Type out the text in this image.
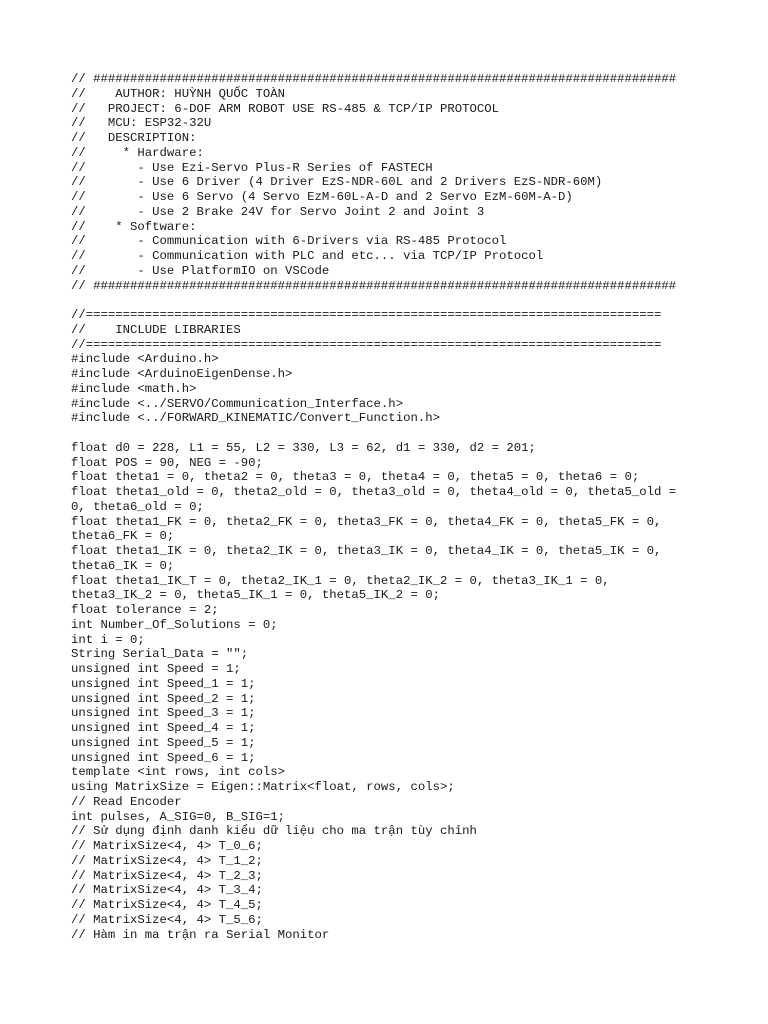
// ###############################################################################
//    AUTHOR: HUỲNH QUỐC TOÀN
//   PROJECT: 6-DOF ARM ROBOT USE RS-485 & TCP/IP PROTOCOL
//   MCU: ESP32-32U
//   DESCRIPTION:
//     * Hardware:
//       - Use Ezi-Servo Plus-R Series of FASTECH
//       - Use 6 Driver (4 Driver EzS-NDR-60L and 2 Drivers EzS-NDR-60M)
//       - Use 6 Servo (4 Servo EzM-60L-A-D and 2 Servo EzM-60M-A-D)
//       - Use 2 Brake 24V for Servo Joint 2 and Joint 3
//    * Software:
//       - Communication with 6-Drivers via RS-485 Protocol
//       - Communication with PLC and etc... via TCP/IP Protocol
//       - Use PlatformIO on VSCode
// ###############################################################################
//==============================================================================
//    INCLUDE LIBRARIES
//==============================================================================
#include <Arduino.h>
#include <ArduinoEigenDense.h>
#include <math.h>
#include <../SERVO/Communication_Interface.h>
#include <../FORWARD_KINEMATIC/Convert_Function.h>
float d0 = 228, L1 = 55, L2 = 330, L3 = 62, d1 = 330, d2 = 201;
float POS = 90, NEG = -90;
float theta1 = 0, theta2 = 0, theta3 = 0, theta4 = 0, theta5 = 0, theta6 = 0;
float theta1_old = 0, theta2_old = 0, theta3_old = 0, theta4_old = 0, theta5_old =
0, theta6_old = 0;
float theta1_FK = 0, theta2_FK = 0, theta3_FK = 0, theta4_FK = 0, theta5_FK = 0,
theta6_FK = 0;
float theta1_IK = 0, theta2_IK = 0, theta3_IK = 0, theta4_IK = 0, theta5_IK = 0,
theta6_IK = 0;
float theta1_IK_T = 0, theta2_IK_1 = 0, theta2_IK_2 = 0, theta3_IK_1 = 0,
theta3_IK_2 = 0, theta5_IK_1 = 0, theta5_IK_2 = 0;
float tolerance = 2;
int Number_Of_Solutions = 0;
int i = 0;
String Serial_Data = "";
unsigned int Speed = 1;
unsigned int Speed_1 = 1;
unsigned int Speed_2 = 1;
unsigned int Speed_3 = 1;
unsigned int Speed_4 = 1;
unsigned int Speed_5 = 1;
unsigned int Speed_6 = 1;
template <int rows, int cols>
using MatrixSize = Eigen::Matrix<float, rows, cols>;
// Read Encoder
int pulses, A_SIG=0, B_SIG=1;
// Sử dụng định danh kiểu dữ liệu cho ma trận tùy chỉnh
// MatrixSize<4, 4> T_0_6;
// MatrixSize<4, 4> T_1_2;
// MatrixSize<4, 4> T_2_3;
// MatrixSize<4, 4> T_3_4;
// MatrixSize<4, 4> T_4_5;
// MatrixSize<4, 4> T_5_6;
// Hàm in ma trận ra Serial Monitor
